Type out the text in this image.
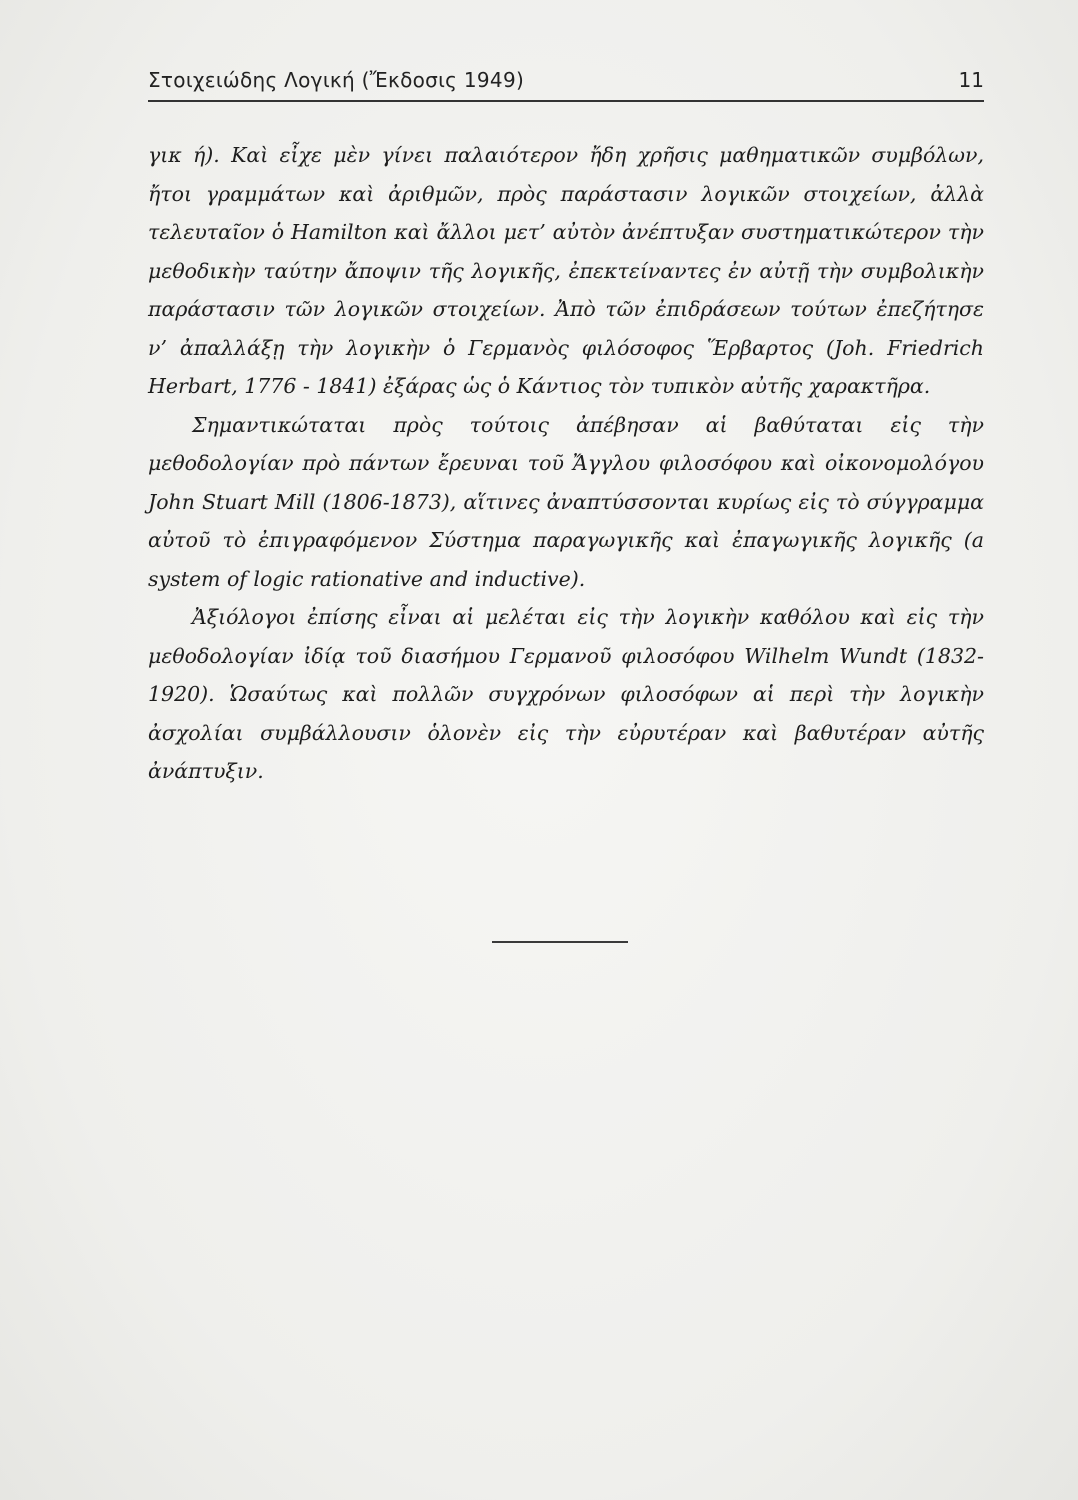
Στοιχειώδης Λογική (Ἔκδοσις 1949)	11

γικ ή). Καὶ εἶχε μὲν γίνει παλαιότερον ἤδη χρῆσις μαθηματικῶν συμβόλων, ἤτοι γραμμάτων καὶ ἀριθμῶν, πρὸς παράστασιν λογικῶν στοιχείων, ἀλλὰ τελευταῖον ὁ Hamilton καὶ ἄλλοι μετ’ αὐτὸν ἀνέπτυξαν συστηματικώτερον τὴν μεθοδικὴν ταύτην ἄποψιν τῆς λογικῆς, ἐπεκτείναντες ἐν αὐτῇ τὴν συμβολικὴν παράστασιν τῶν λογικῶν στοιχείων. Ἀπὸ τῶν ἐπιδράσεων τούτων ἐπεζήτησε ν’ ἀπαλλάξῃ τὴν λογικὴν ὁ Γερμανὸς φιλόσοφος Ἕρβαρτος (Joh. Friedrich Herbart, 1776 - 1841) ἐξάρας ὡς ὁ Κάντιος τὸν τυπικὸν αὐτῆς χαρακτῆρα.

Σημαντικώταται πρὸς τούτοις ἀπέβησαν αἱ βαθύταται εἰς τὴν μεθοδολογίαν πρὸ πάντων ἔρευναι τοῦ Ἄγγλου φιλοσόφου καὶ οἰκονομολόγου John Stuart Mill (1806-1873), αἵτινες ἀναπτύσσονται κυρίως εἰς τὸ σύγγραμμα αὐτοῦ τὸ ἐπιγραφόμενον Σύστημα παραγωγικῆς καὶ ἐπαγωγικῆς λογικῆς (a system of logic rationative and inductive).

Ἀξιόλογοι ἐπίσης εἶναι αἱ μελέται εἰς τὴν λογικὴν καθόλου καὶ εἰς τὴν μεθοδολογίαν ἰδίᾳ τοῦ διασήμου Γερμανοῦ φιλοσόφου Wilhelm Wundt (1832-1920). Ὡσαύτως καὶ πολλῶν συγχρόνων φιλοσόφων αἱ περὶ τὴν λογικὴν ἀσχολίαι συμβάλλουσιν ὁλονὲν εἰς τὴν εὐρυτέραν καὶ βαθυτέραν αὐτῆς ἀνάπτυξιν.
